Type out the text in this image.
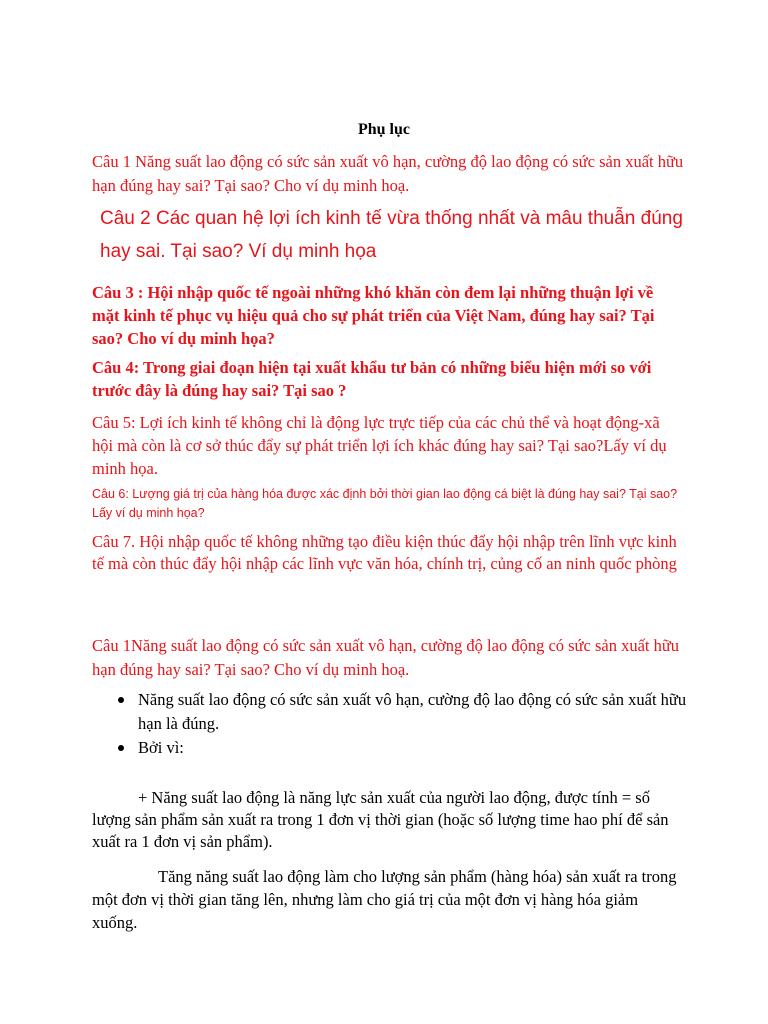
Phụ lục

Câu 1 Năng suất lao động có sức sản xuất vô hạn, cường độ lao động có sức sản xuất hữu hạn đúng hay sai? Tại sao? Cho ví dụ minh hoạ.

Câu 2 Các quan hệ lợi ích kinh tế vừa thống nhất và mâu thuẫn đúng hay sai. Tại sao? Ví dụ minh họa

Câu 3 : Hội nhập quốc tế ngoài những khó khăn còn đem lại những thuận lợi về mặt kinh tế phục vụ hiệu quả cho sự phát triển của Việt Nam, đúng hay sai? Tại sao? Cho ví dụ minh họa?

Câu 4: Trong giai đoạn hiện tại xuất khẩu tư bản có những biểu hiện mới so với trước đây là đúng hay sai? Tại sao ?

Câu 5: Lợi ích kinh tế không chỉ là động lực trực tiếp của các chủ thể và hoạt động-xã hội mà còn là cơ sở thúc đẩy sự phát triển lợi ích khác đúng hay sai? Tại sao?Lấy ví dụ minh họa.

Câu 6: Lượng giá trị của hàng hóa được xác định bởi thời gian lao động cá biệt là đúng hay sai? Tại sao? Lấy ví dụ minh họa?

Câu 7. Hội nhập quốc tế không những tạo điều kiện thúc đẩy hội nhập trên lĩnh vực kinh tế mà còn thúc đẩy hội nhập các lĩnh vực văn hóa, chính trị, củng cố an ninh quốc phòng

Câu 1Năng suất lao động có sức sản xuất vô hạn, cường độ lao động có sức sản xuất hữu hạn đúng hay sai? Tại sao? Cho ví dụ minh hoạ.

Năng suất lao động có sức sản xuất vô hạn, cường độ lao động có sức sản xuất hữu hạn là đúng.
Bởi vì:

+ Năng suất lao động là năng lực sản xuất của người lao động, được tính = số lượng sản phẩm sản xuất ra trong 1 đơn vị thời gian (hoặc số lượng time hao phí để sản xuất ra 1 đơn vị sản phẩm).

Tăng năng suất lao động làm cho lượng sản phẩm (hàng hóa) sản xuất ra trong một đơn vị thời gian tăng lên, nhưng làm cho giá trị của một đơn vị hàng hóa giảm xuống.
